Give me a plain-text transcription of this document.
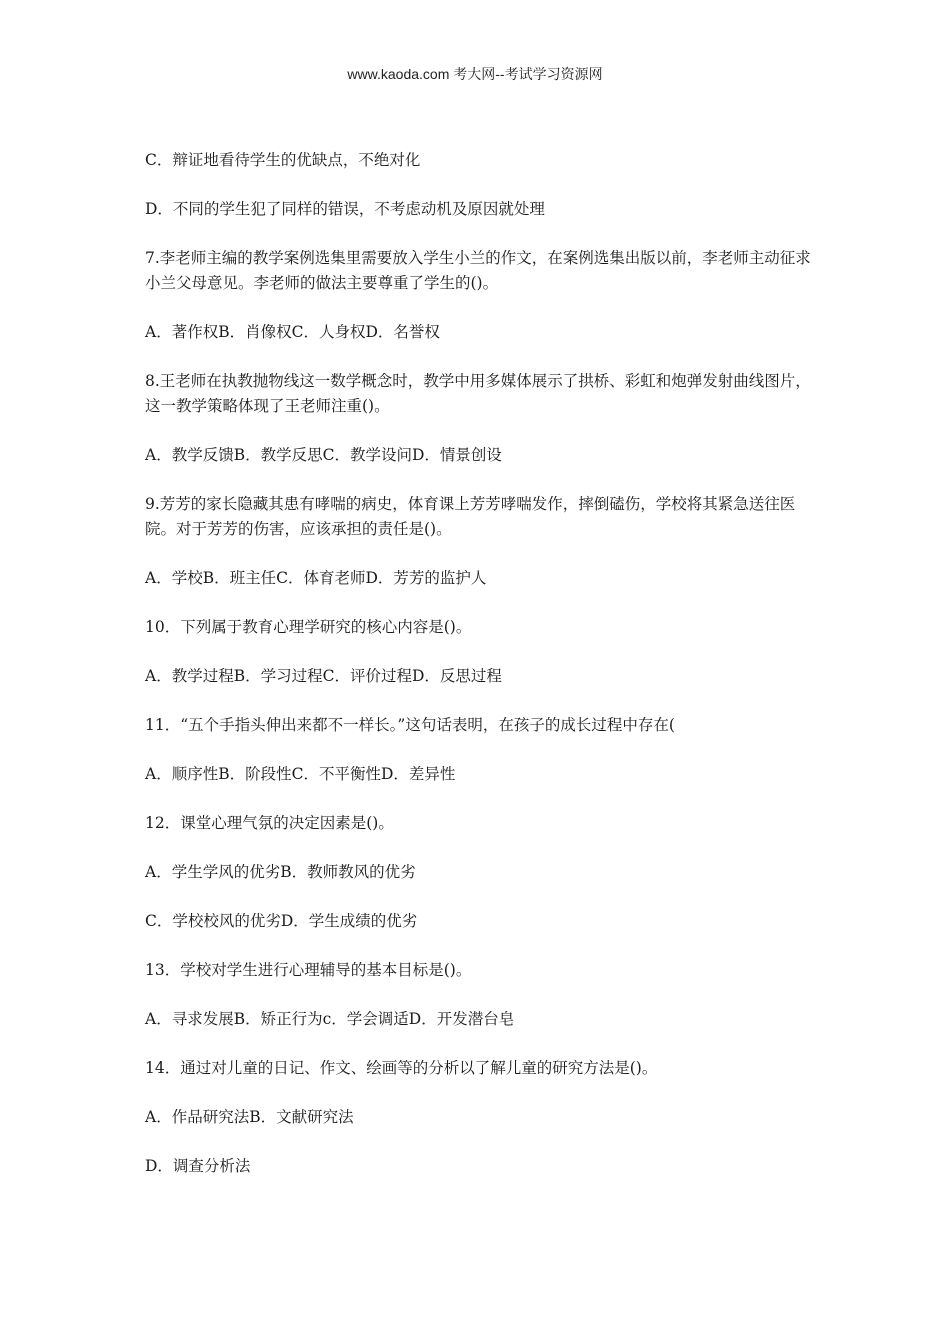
www.kaoda.com 考大网--考试学习资源网

C．辩证地看待学生的优缺点，不绝对化

D．不同的学生犯了同样的错误，不考虑动机及原因就处理

7.李老师主编的教学案例选集里需要放入学生小兰的作文，在案例选集出版以前，李老师主动征求小兰父母意见。李老师的做法主要尊重了学生的()。

A．著作权B．肖像权C．人身权D．名誉权

8.王老师在执教抛物线这一数学概念时，教学中用多媒体展示了拱桥、彩虹和炮弹发射曲线图片，这一教学策略体现了王老师注重()。

A．教学反馈B．教学反思C．教学设问D．情景创设

9.芳芳的家长隐藏其患有哮喘的病史，体育课上芳芳哮喘发作，摔倒磕伤，学校将其紧急送往医院。对于芳芳的伤害，应该承担的责任是()。

A．学校B．班主任C．体育老师D．芳芳的监护人

10．下列属于教育心理学研究的核心内容是()。

A．教学过程B．学习过程C．评价过程D．反思过程

11．“五个手指头伸出来都不一样长。”这句话表明，在孩子的成长过程中存在(

A．顺序性B．阶段性C．不平衡性D．差异性

12．课堂心理气氛的决定因素是()。

A．学生学风的优劣B．教师教风的优劣

C．学校校风的优劣D．学生成绩的优劣

13．学校对学生进行心理辅导的基本目标是()。

A．寻求发展B．矫正行为c．学会调适D．开发潜台皂

14．通过对儿童的日记、作文、绘画等的分析以了解儿童的研究方法是()。

A．作品研究法B．文献研究法

D．调查分析法
